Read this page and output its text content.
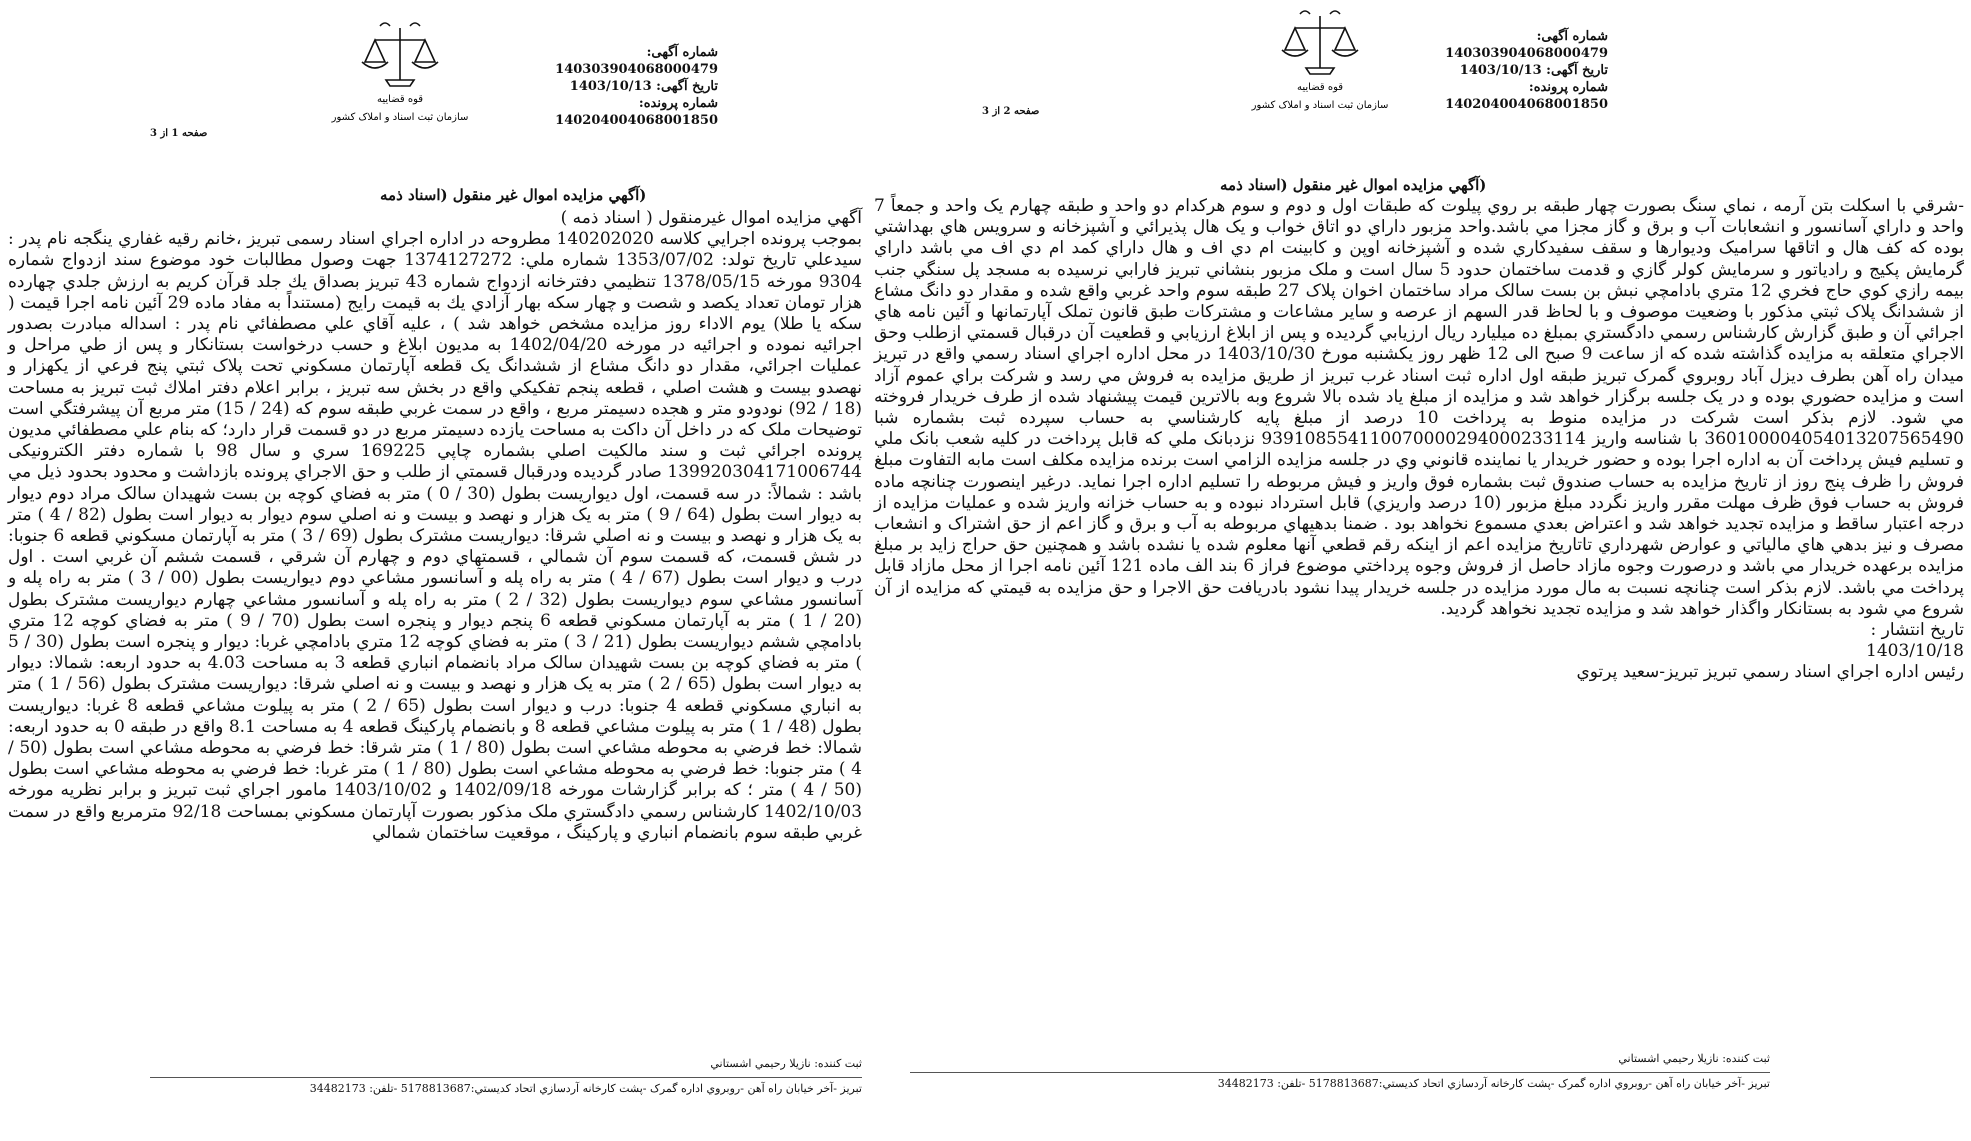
شماره آگهی: 140303904068000479
تاریخ آگهی: 1403/10/13
شماره پرونده: 140204004068001850
قوه قضاییه
سازمان ثبت اسناد و املاک کشور
صفحه 1 از 3
(آگهي مزايده اموال غير منقول (اسناد ذمه

آگهي مزايده اموال غيرمنقول ( اسناد ذمه )

بموجب پرونده اجرايي كلاسه 140202020 مطروحه در اداره اجراي اسناد رسمی تبريز ،خانم رقيه غفاري ينگجه نام پدر : سيدعلي تاريخ تولد: 1353/07/02 شماره ملي: 1374127272 جهت وصول مطالبات خود موضوع سند ازدواج شماره 9304 مورخه 1378/05/15 تنظيمي دفترخانه ازدواج شماره 43 تبريز بصداق يك جلد قرآن كريم به ارزش جلدي چهارده هزار تومان تعداد يكصد و شصت و چهار سكه بهار آزادي يك به قيمت رايج (مستنداً به مفاد ماده 29 آئين نامه اجرا قيمت ( سكه يا طلا) يوم الاداء روز مزايده مشخص خواهد شد ) ، عليه آقاي علي مصطفائي نام پدر : اسداله مبادرت بصدور اجرائيه نموده و اجرائيه در مورخه 1402/04/20 به مديون ابلاغ و حسب درخواست بستانكار و پس از طي مراحل و عمليات اجرائي، مقدار دو دانگ مشاع از ششدانگ يک قطعه آپارتمان مسكوني تحت پلاک ثبتي پنج فرعي از يكهزار و نهصدو بيست و هشت اصلي ، قطعه پنجم تفكيكي واقع در بخش سه تبريز ، برابر اعلام دفتر املاك ثبت تبريز به مساحت (18 / 92) نودودو متر و هجده دسيمتر مربع ، واقع در سمت غربي طبقه سوم كه (24 / 15) متر مربع آن پيشرفتگي است توضيحات ملک كه در داخل آن داكت به مساحت يازده دسيمتر مربع در دو قسمت قرار دارد؛ كه بنام علي مصطفائي مديون پرونده اجرائي ثبت و سند مالكيت اصلي بشماره چاپي 169225 سري و سال 98 با شماره دفتر الكترونيكی 139920304171006744 صادر گرديده ودرقبال قسمتي از طلب و حق الاجراي پرونده بازداشت و محدود بحدود ذيل مي باشد : شمالاً: در سه قسمت، اول ديواريست بطول (30 / 0 ) متر به فضاي كوچه بن بست شهيدان سالک مراد دوم ديوار به ديوار است بطول (64 / 9 ) متر به يک هزار و نهصد و بيست و نه اصلي سوم ديوار به ديوار است بطول (82 / 4 ) متر به يک هزار و نهصد و بيست و نه اصلي شرقا: ديواريست مشترک بطول (69 / 3 ) متر به آپارتمان مسكوني قطعه 6 جنوبا: در شش قسمت، كه قسمت سوم آن شمالي ، قسمتهاي دوم و چهارم آن شرقي ، قسمت ششم آن غربي است . اول درب و ديوار است بطول (67 / 4 ) متر به راه پله و آسانسور مشاعي دوم ديواريست بطول (00 / 3 ) متر به راه پله و آسانسور مشاعي سوم ديواريست بطول (32 / 2 ) متر به راه پله و آسانسور مشاعي چهارم ديواريست مشترک بطول (20 / 1 ) متر به آپارتمان مسكوني قطعه 6 پنجم ديوار و پنجره است بطول (70 / 9 ) متر به فضاي كوچه 12 متري بادامچي ششم ديواريست بطول (21 / 3 ) متر به فضاي كوچه 12 متري بادامچي غربا: ديوار و پنجره است بطول (30 / 5 ) متر به فضاي كوچه بن بست شهيدان سالک مراد بانضمام انباري قطعه 3 به مساحت 4.03 به حدود اربعه: شمالا: ديوار به ديوار است بطول (65 / 2 ) متر به يک هزار و نهصد و بيست و نه اصلي شرقا: ديواريست مشترک بطول (56 / 1 ) متر به انباري مسكوني قطعه 4 جنوبا: درب و ديوار است بطول (65 / 2 ) متر به پيلوت مشاعي قطعه 8 غربا: ديواريست بطول (48 / 1 ) متر به پيلوت مشاعي قطعه 8 و بانضمام پاركينگ قطعه 4 به مساحت 8.1 واقع در طبقه 0 به حدود اربعه: شمالا: خط فرضي به محوطه مشاعي است بطول (80 / 1 ) متر شرقا: خط فرضي به محوطه مشاعي است بطول (50 / 4 ) متر جنوبا: خط فرضي به محوطه مشاعي است بطول (80 / 1 ) متر غربا: خط فرضي به محوطه مشاعي است بطول (50 / 4 ) متر ؛ كه برابر گزارشات مورخه 1402/09/18 و 1403/10/02 مامور اجراي ثبت تبريز و برابر نظريه مورخه 1402/10/03 كارشناس رسمي دادگستري ملک مذكور بصورت آپارتمان مسكوني بمساحت 92/18 مترمربع واقع در سمت غربي طبقه سوم بانضمام انباري و پاركينگ ، موقعيت ساختمان شمالي

ثبت كننده: نازيلا رحيمي اشستاني
تبريز -آخر خيابان راه آهن -روبروي اداره گمرک -پشت كارخانه آردسازي اتحاد كديستي:5178813687 -تلفن: 34482173
شماره آگهی: 140303904068000479
تاریخ آگهی: 1403/10/13
شماره پرونده: 140204004068001850
قوه قضاییه
سازمان ثبت اسناد و املاک کشور
صفحه 2 از 3
(آگهي مزايده اموال غير منقول (اسناد ذمه

-شرقي با اسكلت بتن آرمه ، نماي سنگ بصورت چهار طبقه بر روي پيلوت كه طبقات اول و دوم و سوم هركدام دو واحد و طبقه چهارم يک واحد و جمعاً 7 واحد و داراي آسانسور و انشعابات آب و برق و گاز مجزا مي باشد.واحد مزبور داراي دو اتاق خواب و يک هال پذيرائي و آشپزخانه و سرويس هاي بهداشتي بوده كه كف هال و اتاقها سراميک وديوارها و سقف سفيدكاري شده و آشپزخانه اوپن و كابينت ام دي اف و هال داراي كمد ام دي اف مي باشد داراي گرمايش پكيج و رادياتور و سرمايش كولر گازي و قدمت ساختمان حدود 5 سال است و ملک مزبور بنشاني تبريز فارابي نرسيده به مسجد پل سنگي جنب بيمه رازي كوي حاج فخري 12 متري بادامچي نبش بن بست سالک مراد ساختمان اخوان پلاک 27 طبقه سوم واحد غربي واقع شده و مقدار دو دانگ مشاع از ششدانگ پلاک ثبتي مذكور با وضعيت موصوف و با لحاظ قدر السهم از عرصه و ساير مشاعات و مشتركات طبق قانون تملک آپارتمانها و آئين نامه هاي اجرائي آن و طبق گزارش كارشناس رسمي دادگستري بمبلغ ده ميليارد ريال ارزيابي گرديده و پس از ابلاغ ارزيابي و قطعيت آن درقبال قسمتي ازطلب وحق الاجراي متعلقه به مزايده گذاشته شده كه از ساعت 9 صبح الی 12 ظهر روز يكشنبه مورخ 1403/10/30 در محل اداره اجراي اسناد رسمي واقع در تبريز ميدان راه آهن بطرف ديزل آباد روبروي گمرک تبريز طبقه اول اداره ثبت اسناد غرب تبريز از طريق مزايده به فروش مي رسد و شركت براي عموم آزاد است و مزايده حضوري بوده و در يک جلسه برگزار خواهد شد و مزايده از مبلغ ياد شده بالا شروع وبه بالاترين قيمت پيشنهاد شده از طرف خريدار فروخته مي شود. لازم بذكر است شركت در مزايده منوط به پرداخت 10 درصد از مبلغ پايه كارشناسي به حساب سپرده ثبت بشماره شبا 360100004054013207565490 با شناسه واريز 939108554110070000294000233114 نزدبانک ملي كه قابل پرداخت در كليه شعب بانک ملي و تسليم فيش پرداخت آن به اداره اجرا بوده و حضور خريدار يا نماينده قانوني وي در جلسه مزايده الزامي است برنده مزايده مكلف است مابه التفاوت مبلغ فروش را ظرف پنج روز از تاريخ مزايده به حساب صندوق ثبت بشماره فوق واريز و فيش مربوطه را تسليم اداره اجرا نمايد. درغير اينصورت چنانچه ماده فروش به حساب فوق ظرف مهلت مقرر واريز نگردد مبلغ مزبور (10 درصد واريزي) قابل استرداد نبوده و به حساب خزانه واريز شده و عمليات مزايده از درجه اعتبار ساقط و مزايده تجديد خواهد شد و اعتراض بعدي مسموع نخواهد بود . ضمنا بدهيهاي مربوطه به آب و برق و گاز اعم از حق اشتراک و انشعاب مصرف و نيز بدهي هاي مالياتي و عوارض شهرداري تاتاريخ مزايده اعم از اينكه رقم قطعي آنها معلوم شده يا نشده باشد و همچنين حق حراج زايد بر مبلغ مزايده برعهده خريدار مي باشد و درصورت وجوه مازاد حاصل از فروش وجوه پرداختي موضوع فراز 6 بند الف ماده 121 آئين نامه اجرا از محل مازاد قابل پرداخت مي باشد. لازم بذكر است چنانچه نسبت به مال مورد مزايده در جلسه خريدار پيدا نشود بادريافت حق الاجرا و حق مزايده به قيمتي كه مزايده از آن شروع مي شود به بستانكار واگذار خواهد شد و مزايده تجديد نخواهد گرديد.

تاريخ انتشار :

1403/10/18

رئيس اداره اجراي اسناد رسمي تبريز تبريز-سعيد پرتوي

ثبت كننده: نازيلا رحيمي اشستاني
تبريز -آخر خيابان راه آهن -روبروي اداره گمرک -پشت كارخانه آردسازي اتحاد كديستي:5178813687 -تلفن: 34482173
